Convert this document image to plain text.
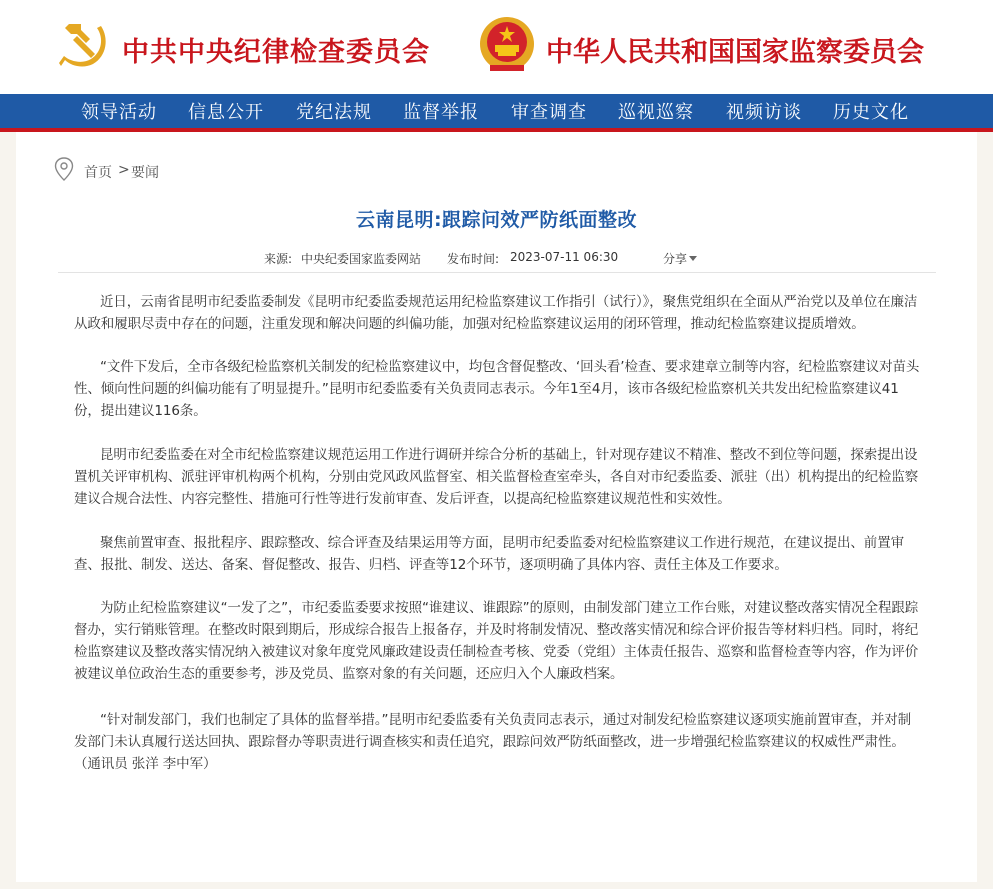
中共中央纪律检查委员会	中华人民共和国国家监察委员会
领导活动 信息公开 党纪法规 监督举报 审查调查 巡视巡察 视频访谈 历史文化
首页 > 要闻
云南昆明:跟踪问效严防纸面整改
来源: 中央纪委国家监委网站 发布时间: 2023-07-11 06:30	分享

近日，云南省昆明市纪委监委制发《昆明市纪委监委规范运用纪检监察建议工作指引（试行）》，聚焦党组织在全面从严治党以及单位在廉洁从政和履职尽责中存在的问题，注重发现和解决问题的纠偏功能，加强对纪检监察建议运用的闭环管理，推动纪检监察建议提质增效。

“文件下发后，全市各级纪检监察机关制发的纪检监察建议中，均包含督促整改、‘回头看’检查、要求建章立制等内容，纪检监察建议对苗头性、倾向性问题的纠偏功能有了明显提升。”昆明市纪委监委有关负责同志表示。今年1至4月，该市各级纪检监察机关共发出纪检监察建议41份，提出建议116条。

昆明市纪委监委在对全市纪检监察建议规范运用工作进行调研并综合分析的基础上，针对现存建议不精准、整改不到位等问题，探索提出设置机关评审机构、派驻评审机构两个机构，分别由党风政风监督室、相关监督检查室牵头，各自对市纪委监委、派驻（出）机构提出的纪检监察建议合规合法性、内容完整性、措施可行性等进行发前审查、发后评查，以提高纪检监察建议规范性和实效性。

聚焦前置审查、报批程序、跟踪整改、综合评查及结果运用等方面，昆明市纪委监委对纪检监察建议工作进行规范，在建议提出、前置审查、报批、制发、送达、备案、督促整改、报告、归档、评查等12个环节，逐项明确了具体内容、责任主体及工作要求。

为防止纪检监察建议“一发了之”，市纪委监委要求按照“谁建议、谁跟踪”的原则，由制发部门建立工作台账，对建议整改落实情况全程跟踪督办，实行销账管理。在整改时限到期后，形成综合报告上报备存，并及时将制发情况、整改落实情况和综合评价报告等材料归档。同时，将纪检监察建议及整改落实情况纳入被建议对象年度党风廉政建设责任制检查考核、党委（党组）主体责任报告、巡察和监督检查等内容，作为评价被建议单位政治生态的重要参考，涉及党员、监察对象的有关问题，还应归入个人廉政档案。

“针对制发部门，我们也制定了具体的监督举措。”昆明市纪委监委有关负责同志表示，通过对制发纪检监察建议逐项实施前置审查，并对制发部门未认真履行送达回执、跟踪督办等职责进行调查核实和责任追究，跟踪问效严防纸面整改，进一步增强纪检监察建议的权威性严肃性。（通讯员 张洋 李中军）
